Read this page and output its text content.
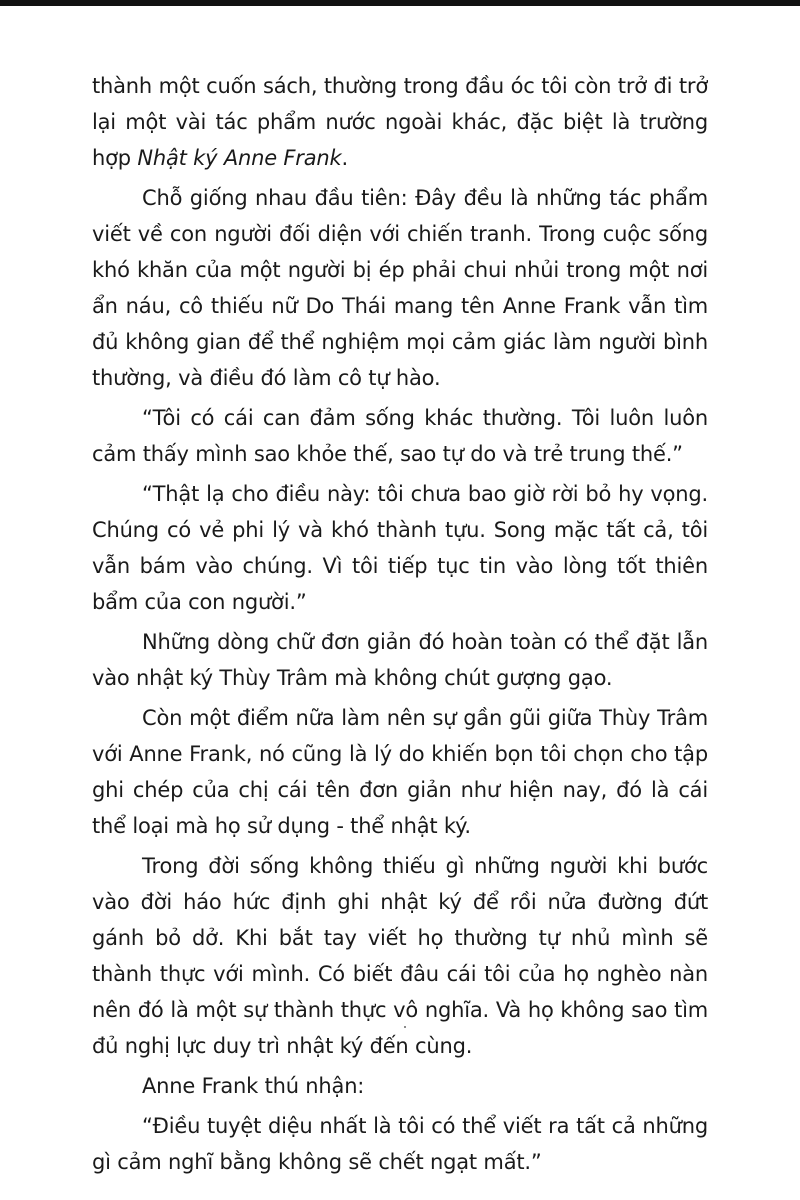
thành một cuốn sách, thường trong đầu óc tôi còn trở đi trở lại một vài tác phẩm nước ngoài khác, đặc biệt là trường hợp Nhật ký Anne Frank.

Chỗ giống nhau đầu tiên: Đây đều là những tác phẩm viết về con người đối diện với chiến tranh. Trong cuộc sống khó khăn của một người bị ép phải chui nhủi trong một nơi ẩn náu, cô thiếu nữ Do Thái mang tên Anne Frank vẫn tìm đủ không gian để thể nghiệm mọi cảm giác làm người bình thường, và điều đó làm cô tự hào.

“Tôi có cái can đảm sống khác thường. Tôi luôn luôn cảm thấy mình sao khỏe thế, sao tự do và trẻ trung thế.”

“Thật lạ cho điều này: tôi chưa bao giờ rời bỏ hy vọng. Chúng có vẻ phi lý và khó thành tựu. Song mặc tất cả, tôi vẫn bám vào chúng. Vì tôi tiếp tục tin vào lòng tốt thiên bẩm của con người.”

Những dòng chữ đơn giản đó hoàn toàn có thể đặt lẫn vào nhật ký Thùy Trâm mà không chút gượng gạo.

Còn một điểm nữa làm nên sự gần gũi giữa Thùy Trâm với Anne Frank, nó cũng là lý do khiến bọn tôi chọn cho tập ghi chép của chị cái tên đơn giản như hiện nay, đó là cái thể loại mà họ sử dụng - thể nhật ký.

Trong đời sống không thiếu gì những người khi bước vào đời háo hức định ghi nhật ký để rồi nửa đường đứt gánh bỏ dở. Khi bắt tay viết họ thường tự nhủ mình sẽ thành thực với mình. Có biết đâu cái tôi của họ nghèo nàn nên đó là một sự thành thực vô nghĩa. Và họ không sao tìm đủ nghị lực duy trì nhật ký đến cùng.

Anne Frank thú nhận:

“Điều tuyệt diệu nhất là tôi có thể viết ra tất cả những gì cảm nghĩ bằng không sẽ chết ngạt mất.”
